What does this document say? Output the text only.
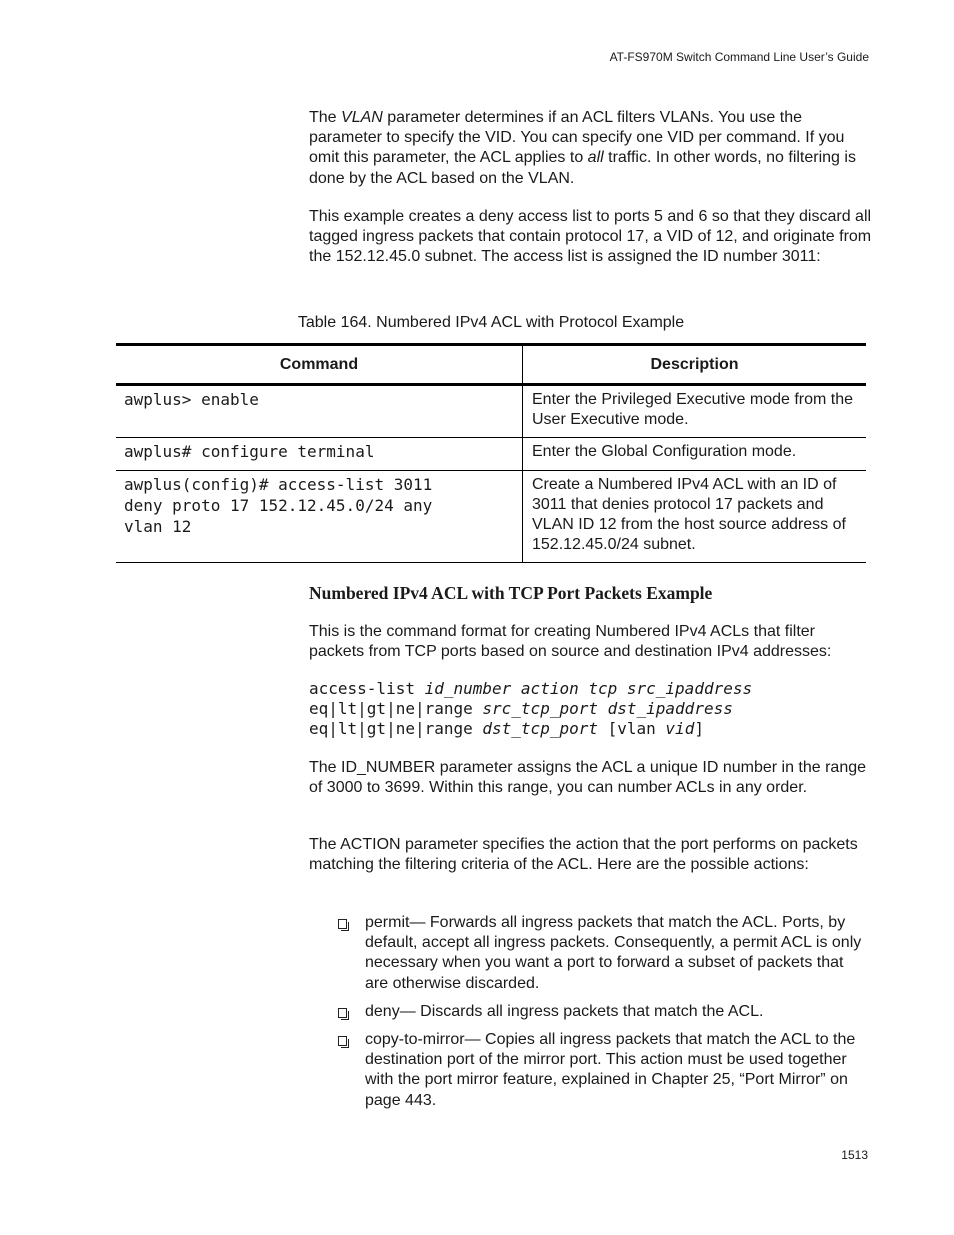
AT-FS970M Switch Command Line User’s Guide

The VLAN parameter determines if an ACL filters VLANs. You use the parameter to specify the VID. You can specify one VID per command. If you omit this parameter, the ACL applies to all traffic. In other words, no filtering is done by the ACL based on the VLAN.

This example creates a deny access list to ports 5 and 6 so that they discard all tagged ingress packets that contain protocol 17, a VID of 12, and originate from the 152.12.45.0 subnet. The access list is assigned the ID number 3011:

Table 164. Numbered IPv4 ACL with Protocol Example
Command	Description
awplus> enable	Enter the Privileged Executive mode from the User Executive mode.
awplus# configure terminal	Enter the Global Configuration mode.
awplus(config)# access-list 3011
deny proto 17 152.12.45.0/24 any
vlan 12	Create a Numbered IPv4 ACL with an ID of 3011 that denies protocol 17 packets and VLAN ID 12 from the host source address of 152.12.45.0/24 subnet.
Numbered IPv4 ACL with TCP Port Packets Example

This is the command format for creating Numbered IPv4 ACLs that filter packets from TCP ports based on source and destination IPv4 addresses:

access-list id_number action tcp src_ipaddress
eq|lt|gt|ne|range src_tcp_port dst_ipaddress
eq|lt|gt|ne|range dst_tcp_port [vlan vid]

The ID_NUMBER parameter assigns the ACL a unique ID number in the range of 3000 to 3699. Within this range, you can number ACLs in any order.

The ACTION parameter specifies the action that the port performs on packets matching the filtering criteria of the ACL. Here are the possible actions:

permit— Forwards all ingress packets that match the ACL. Ports, by default, accept all ingress packets. Consequently, a permit ACL is only necessary when you want a port to forward a subset of packets that are otherwise discarded.
deny— Discards all ingress packets that match the ACL.
copy-to-mirror— Copies all ingress packets that match the ACL to the destination port of the mirror port. This action must be used together with the port mirror feature, explained in Chapter 25, “Port Mirror” on page 443.
1513
